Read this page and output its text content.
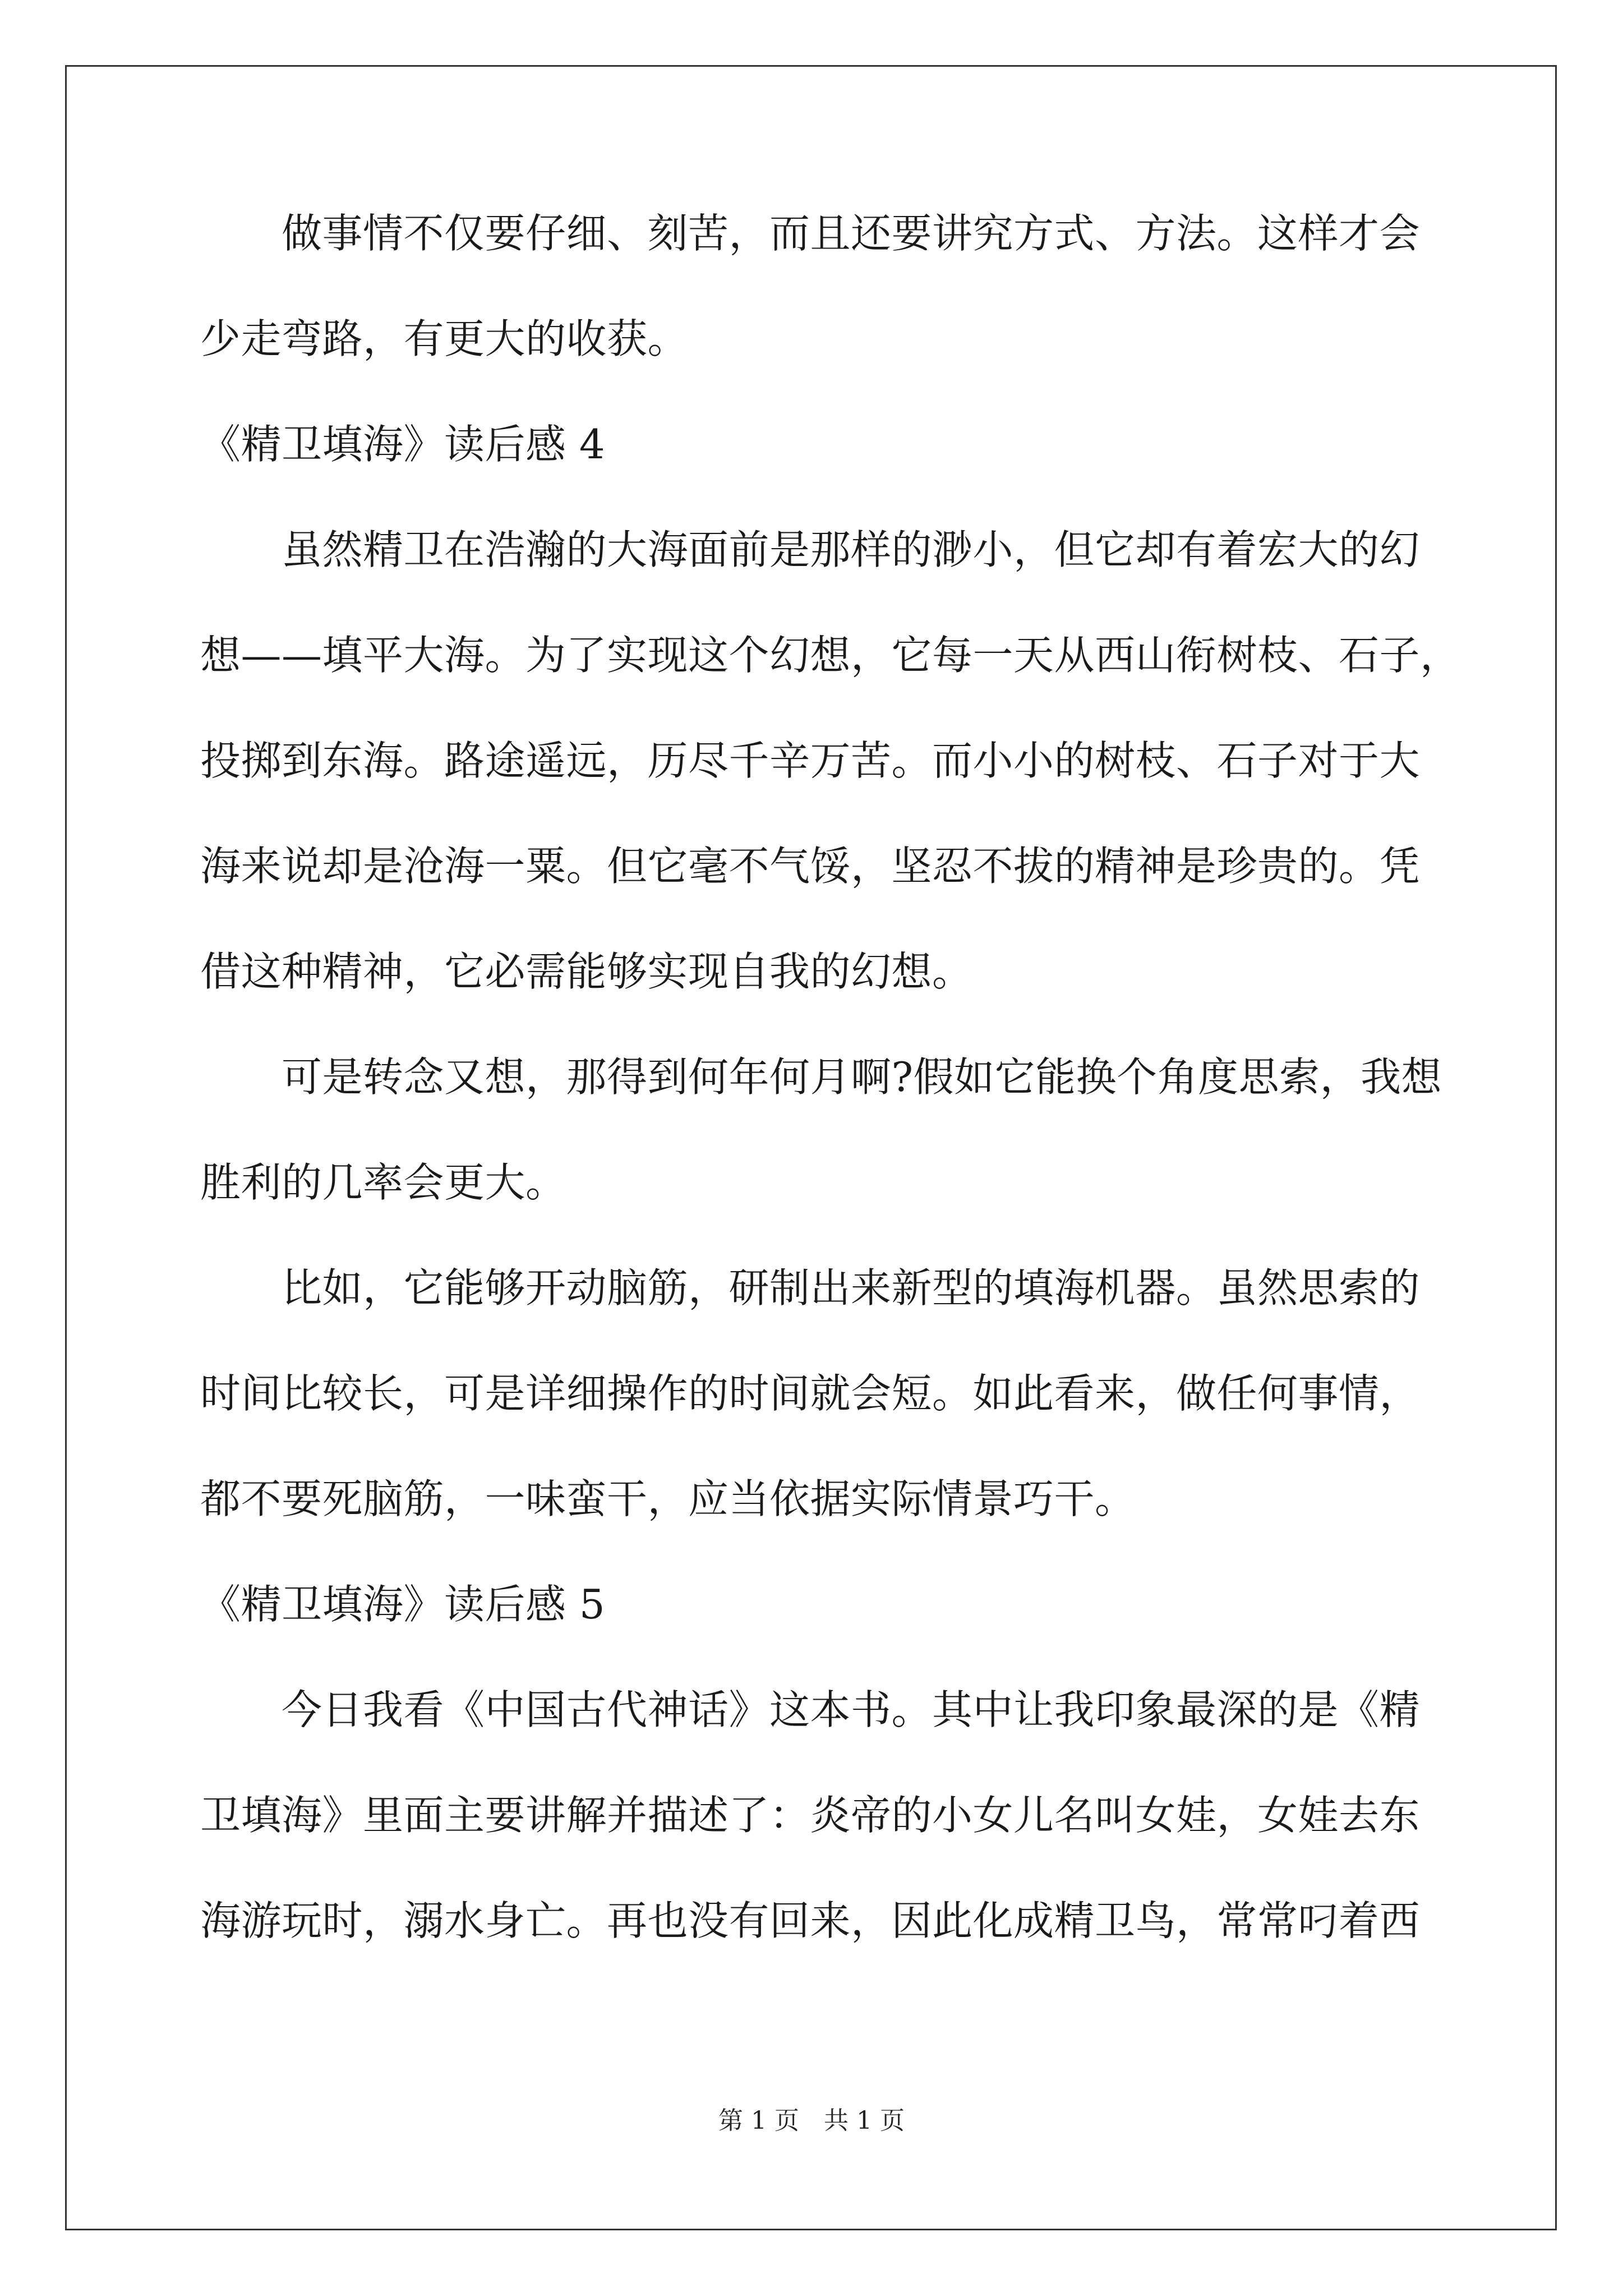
　　做事情不仅要仔细、刻苦，而且还要讲究方式、方法。这样才会
少走弯路，有更大的收获。
《精卫填海》读后感 4
　　虽然精卫在浩瀚的大海面前是那样的渺小，但它却有着宏大的幻
想——填平大海。为了实现这个幻想，它每一天从西山衔树枝、石子，
投掷到东海。路途遥远，历尽千辛万苦。而小小的树枝、石子对于大
海来说却是沧海一粟。但它毫不气馁，坚忍不拔的精神是珍贵的。凭
借这种精神，它必需能够实现自我的幻想。
　　可是转念又想，那得到何年何月啊?假如它能换个角度思索，我想
胜利的几率会更大。
　　比如，它能够开动脑筋，研制出来新型的填海机器。虽然思索的
时间比较长，可是详细操作的时间就会短。如此看来，做任何事情，
都不要死脑筋，一味蛮干，应当依据实际情景巧干。
《精卫填海》读后感 5
　　今日我看《中国古代神话》这本书。其中让我印象最深的是《精
卫填海》里面主要讲解并描述了：炎帝的小女儿名叫女娃，女娃去东
海游玩时，溺水身亡。再也没有回来，因此化成精卫鸟，常常叼着西
第 1 页　共 1 页
